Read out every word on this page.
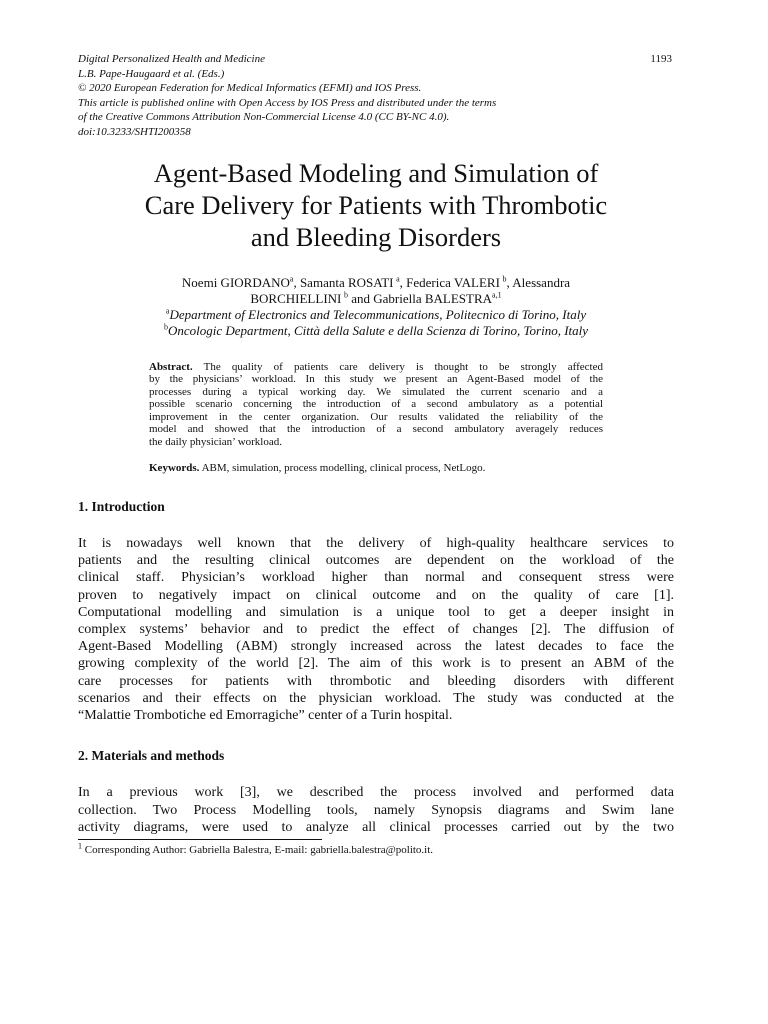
Digital Personalized Health and Medicine
L.B. Pape-Haugaard et al. (Eds.)
© 2020 European Federation for Medical Informatics (EFMI) and IOS Press.
This article is published online with Open Access by IOS Press and distributed under the terms
of the Creative Commons Attribution Non-Commercial License 4.0 (CC BY-NC 4.0).
doi:10.3233/SHTI200358
1193
Agent-Based Modeling and Simulation of
Care Delivery for Patients with Thrombotic
and Bleeding Disorders
Noemi GIORDANO$^a$, Samanta ROSATI  $^a$, Federica VALERI  $^b$, Alessandra
BORCHIELLINI  $^b$ and Gabriella BALESTRA$^{a,1}$
$^a$Department of Electronics and Telecommunications, Politecnico di Torino, Italy
$^b$Oncologic Department, Città della Salute e della Scienza di Torino, Torino, Italy
Abstract. The quality of patients care delivery is thought to be strongly affected
by the physicians’ workload. In this study we present an Agent-Based model of the
processes during a typical working day. We simulated the current scenario and a
possible scenario concerning the introduction of a second ambulatory as a potential
improvement in the center organization. Our results validated the reliability of the
model and showed that the introduction of a second ambulatory averagely reduces
the daily physician’ workload.
Keywords. ABM, simulation, process modelling, clinical process, NetLogo.
1. Introduction
It is nowadays well known that the delivery of high-quality healthcare services to
patients and the resulting clinical outcomes are dependent on the workload of the
clinical staff. Physician’s workload higher than normal and consequent stress were
proven to negatively impact on clinical outcome and on the quality of care [1].
Computational modelling and simulation is a unique tool to get a deeper insight in
complex systems’ behavior and to predict the effect of changes [2]. The diffusion of
Agent-Based Modelling (ABM) strongly increased across the latest decades to face the
growing complexity of the world [2]. The aim of this work is to present an ABM of the
care processes for patients with thrombotic and bleeding disorders with different
scenarios and their effects on the physician workload. The study was conducted at the
“Malattie Trombotiche ed Emorragiche” center of a Turin hospital.
2. Materials and methods
In a previous work [3], we described the process involved and performed data
collection. Two Process Modelling tools, namely Synopsis diagrams and Swim lane
activity diagrams, were used to analyze all clinical processes carried out by the two
$^1$ Corresponding Author: Gabriella Balestra, E-mail: gabriella.balestra@polito.it.
